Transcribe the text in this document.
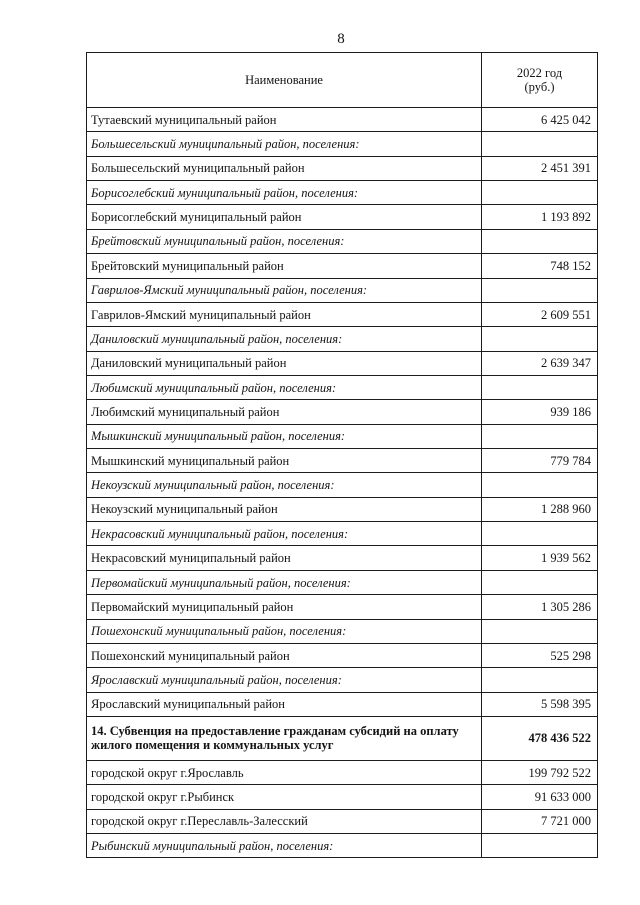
8
Наименование	2022 год
(руб.)

Тутаевский муниципальный район	6 425 042
Большесельский муниципальный район, поселения:	
Большесельский муниципальный район	2 451 391
Борисоглебский муниципальный район, поселения:	
Борисоглебский муниципальный район	1 193 892
Брейтовский муниципальный район, поселения:	
Брейтовский муниципальный район	748 152
Гаврилов-Ямский муниципальный район, поселения:	
Гаврилов-Ямский муниципальный район	2 609 551
Даниловский муниципальный район, поселения:	
Даниловский муниципальный район	2 639 347
Любимский муниципальный район, поселения:	
Любимский муниципальный район	939 186
Мышкинский муниципальный район, поселения:	
Мышкинский муниципальный район	779 784
Некоузский муниципальный район, поселения:	
Некоузский муниципальный район	1 288 960
Некрасовский муниципальный район, поселения:	
Некрасовский муниципальный район	1 939 562
Первомайский муниципальный район, поселения:	
Первомайский муниципальный район	1 305 286
Пошехонский муниципальный район, поселения:	
Пошехонский муниципальный район	525 298
Ярославский муниципальный район, поселения:	
Ярославский муниципальный район	5 598 395
14. Субвенция на предоставление гражданам субсидий на оплату жилого помещения и коммунальных услуг	478 436 522
городской округ г.Ярославль	199 792 522
городской округ г.Рыбинск	91 633 000
городской округ г.Переславль-Залесский	7 721 000
Рыбинский муниципальный район, поселения:	
